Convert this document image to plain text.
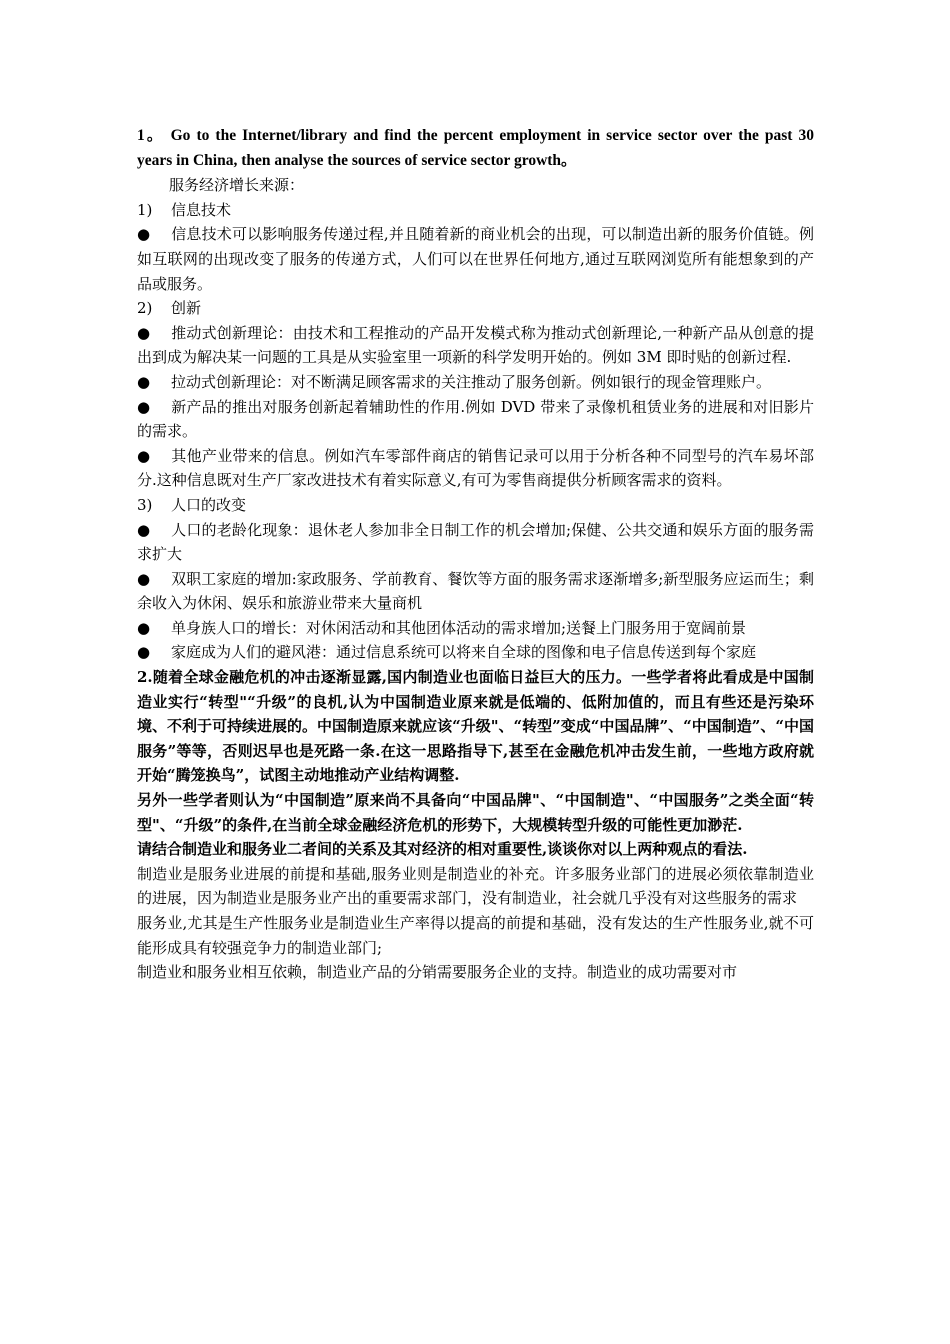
1。 Go to the Internet/library and find the percent employment in service sector over the past 30 years in China, then analyse the sources of service sector growth。

服务经济增长来源：

1) 信息技术

● 信息技术可以影响服务传递过程,并且随着新的商业机会的出现，可以制造出新的服务价值链。例如互联网的出现改变了服务的传递方式，人们可以在世界任何地方,通过互联网浏览所有能想象到的产品或服务。

2) 创新

● 推动式创新理论：由技术和工程推动的产品开发模式称为推动式创新理论,一种新产品从创意的提出到成为解决某一问题的工具是从实验室里一项新的科学发明开始的。例如 3M 即时贴的创新过程.

● 拉动式创新理论：对不断满足顾客需求的关注推动了服务创新。例如银行的现金管理账户。

● 新产品的推出对服务创新起着辅助性的作用.例如 DVD 带来了录像机租赁业务的进展和对旧影片的需求。

● 其他产业带来的信息。例如汽车零部件商店的销售记录可以用于分析各种不同型号的汽车易坏部分.这种信息既对生产厂家改进技术有着实际意义,有可为零售商提供分析顾客需求的资料。

3) 人口的改变

● 人口的老龄化现象：退休老人参加非全日制工作的机会增加;保健、公共交通和娱乐方面的服务需求扩大

● 双职工家庭的增加:家政服务、学前教育、餐饮等方面的服务需求逐渐增多;新型服务应运而生；剩余收入为休闲、娱乐和旅游业带来大量商机

● 单身族人口的增长：对休闲活动和其他团体活动的需求增加;送餐上门服务用于宽阔前景

● 家庭成为人们的避风港：通过信息系统可以将来自全球的图像和电子信息传送到每个家庭

2.随着全球金融危机的冲击逐渐显露,国内制造业也面临日益巨大的压力。一些学者将此看成是中国制造业实行“转型"“升级”的良机,认为中国制造业原来就是低端的、低附加值的，而且有些还是污染环境、不利于可持续进展的。中国制造原来就应该“升级"、“转型”变成“中国品牌”、“中国制造”、“中国服务”等等，否则迟早也是死路一条.在这一思路指导下,甚至在金融危机冲击发生前，一些地方政府就开始“腾笼换鸟”，试图主动地推动产业结构调整.

另外一些学者则认为“中国制造”原来尚不具备向“中国品牌"、“中国制造"、“中国服务”之类全面“转型"、“升级”的条件,在当前全球金融经济危机的形势下，大规模转型升级的可能性更加渺茫.

请结合制造业和服务业二者间的关系及其对经济的相对重要性,谈谈你对以上两种观点的看法.

制造业是服务业进展的前提和基础,服务业则是制造业的补充。许多服务业部门的进展必须依靠制造业的进展，因为制造业是服务业产出的重要需求部门，没有制造业，社会就几乎没有对这些服务的需求

服务业,尤其是生产性服务业是制造业生产率得以提高的前提和基础，没有发达的生产性服务业,就不可能形成具有较强竞争力的制造业部门;

制造业和服务业相互依赖，制造业产品的分销需要服务企业的支持。制造业的成功需要对市
